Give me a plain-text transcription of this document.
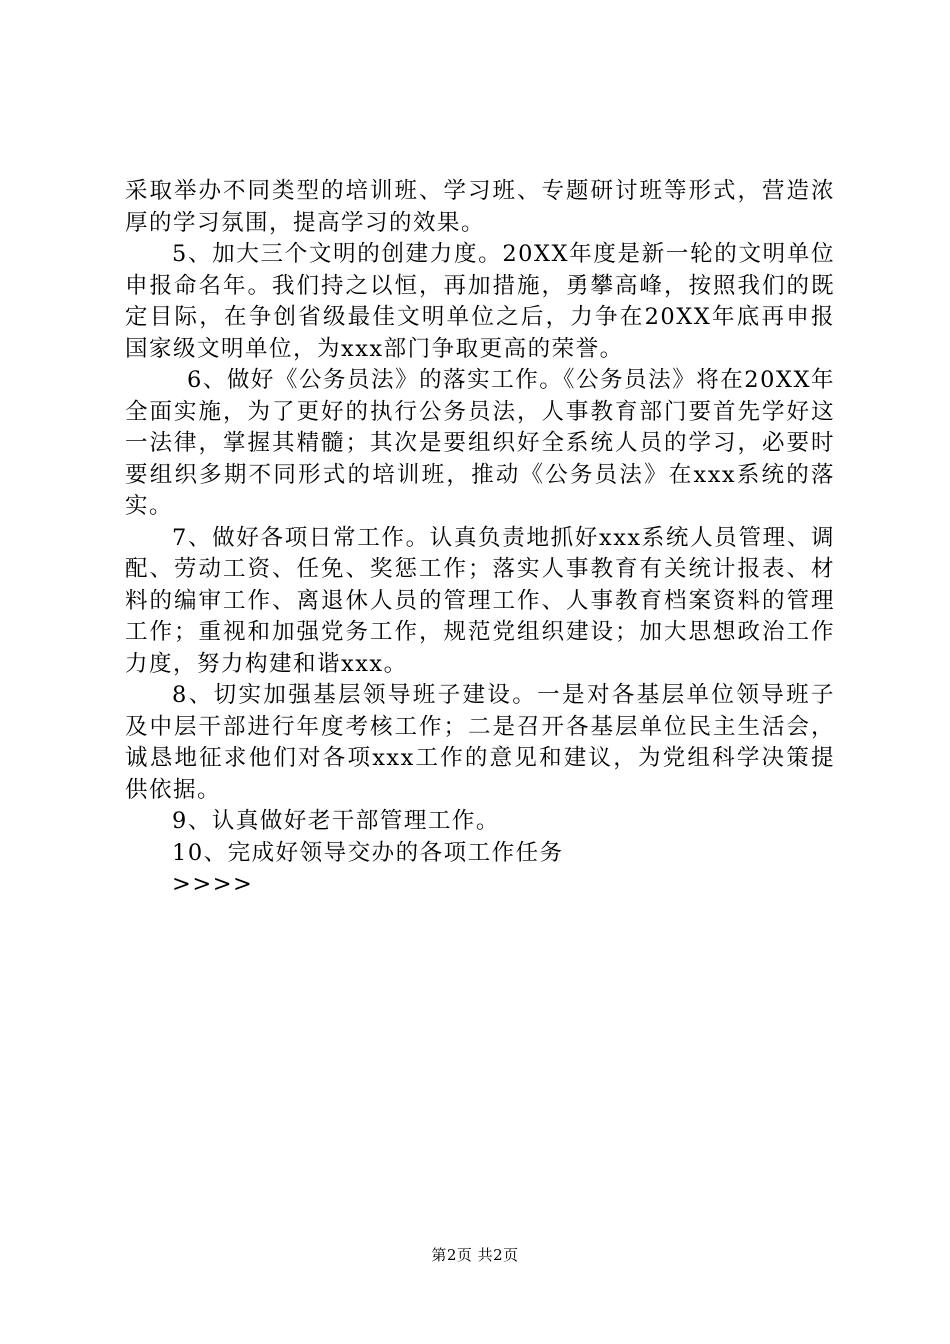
采取举办不同类型的培训班、学习班、专题研讨班等形式，营造浓厚的学习氛围，提高学习的效果。

5、加大三个文明的创建力度。20XX年度是新一轮的文明单位申报命名年。我们持之以恒，再加措施，勇攀高峰，按照我们的既定目际，在争创省级最佳文明单位之后，力争在20XX年底再申报国家级文明单位，为xxx部门争取更高的荣誉。

6、做好《公务员法》的落实工作。《公务员法》将在20XX年全面实施，为了更好的执行公务员法，人事教育部门要首先学好这一法律，掌握其精髓；其次是要组织好全系统人员的学习，必要时要组织多期不同形式的培训班，推动《公务员法》在xxx系统的落实。

7、做好各项日常工作。认真负责地抓好xxx系统人员管理、调配、劳动工资、任免、奖惩工作；落实人事教育有关统计报表、材料的编审工作、离退休人员的管理工作、人事教育档案资料的管理工作；重视和加强党务工作，规范党组织建设；加大思想政治工作力度，努力构建和谐xxx。

8、切实加强基层领导班子建设。一是对各基层单位领导班子及中层干部进行年度考核工作；二是召开各基层单位民主生活会，诚恳地征求他们对各项xxx工作的意见和建议，为党组科学决策提供依据。

9、认真做好老干部管理工作。

10、完成好领导交办的各项工作任务

>>>>

第2页 共2页
